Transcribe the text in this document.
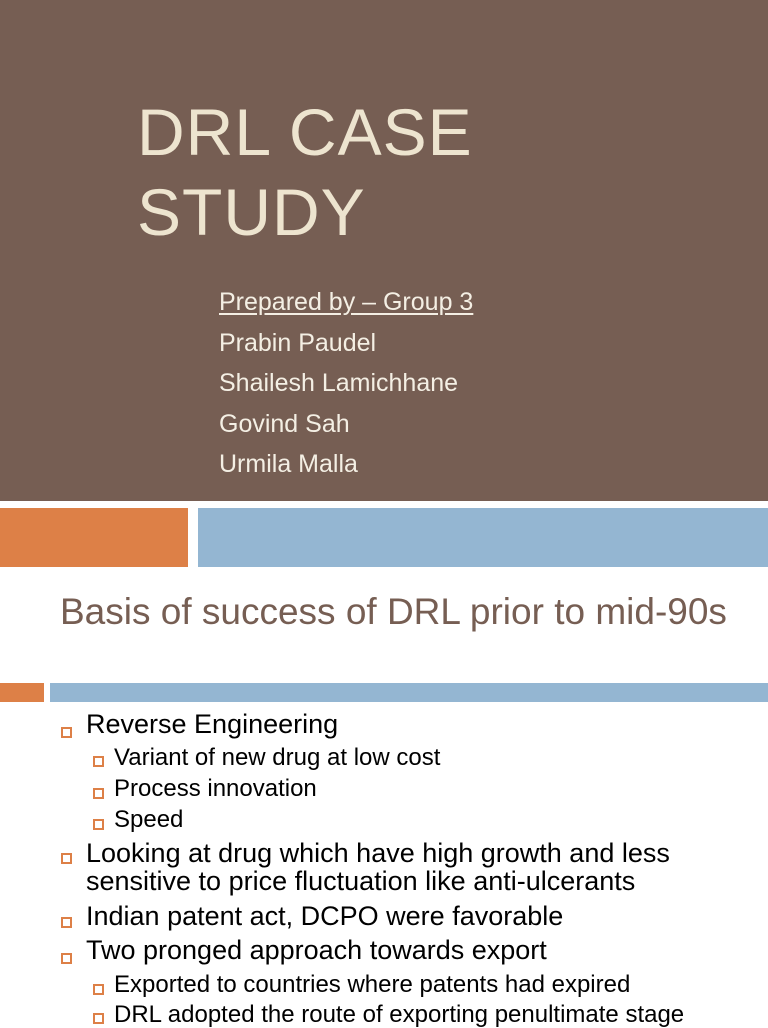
DRL CASE
STUDY
Prepared by – Group 3
Prabin Paudel
Shailesh Lamichhane
Govind Sah
Urmila Malla
Basis of success of DRL prior to mid-90s
Reverse Engineering
Variant of new drug at low cost
Process innovation
Speed
Looking at drug which have high growth and less
sensitive to price fluctuation like anti-ulcerants
Indian patent act, DCPO were favorable
Two pronged approach towards export
Exported to countries where patents had expired
DRL adopted the route of exporting penultimate stage
